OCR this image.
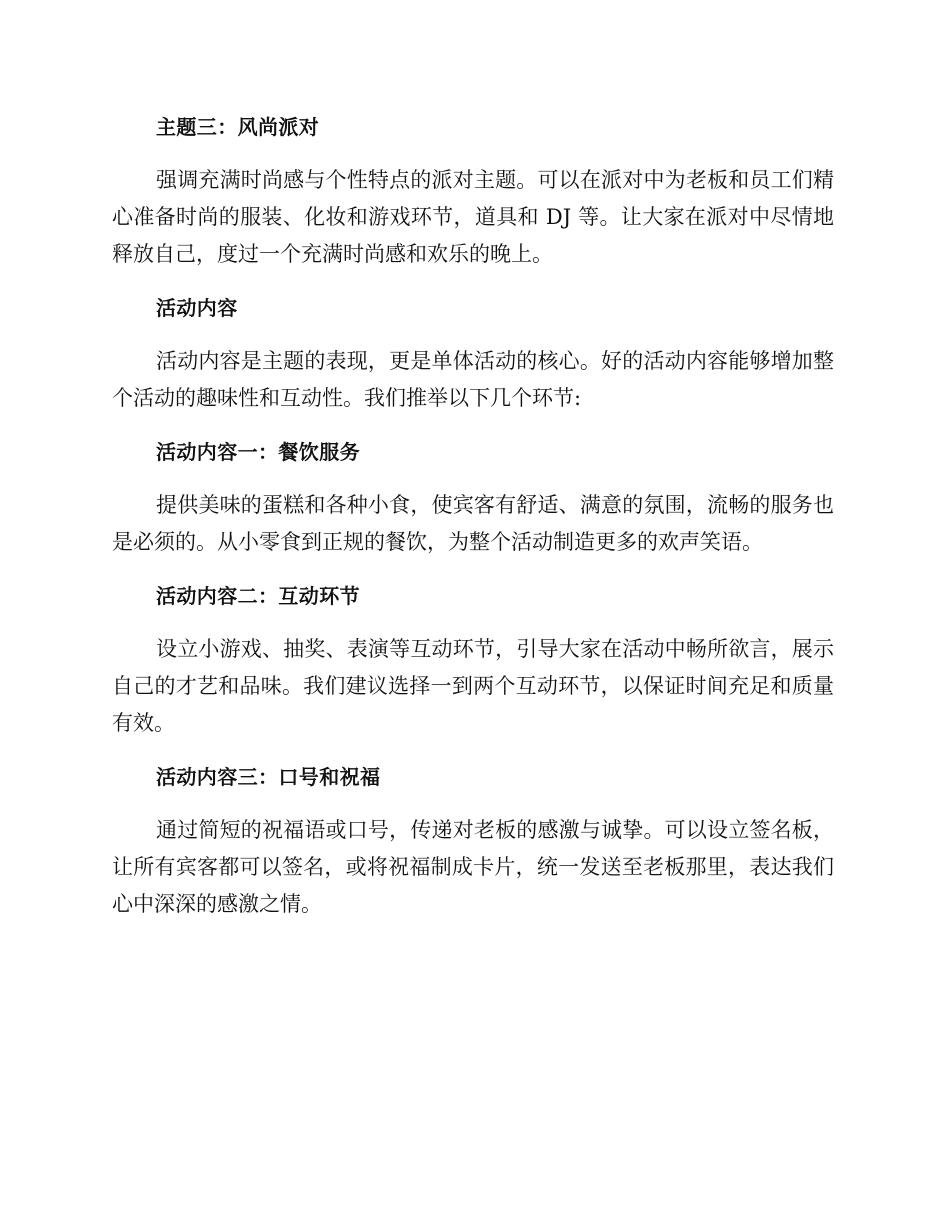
主题三：风尚派对

强调充满时尚感与个性特点的派对主题。可以在派对中为老板和员工们精心准备时尚的服装、化妆和游戏环节，道具和 DJ 等。让大家在派对中尽情地释放自己，度过一个充满时尚感和欢乐的晚上。

活动内容

活动内容是主题的表现，更是单体活动的核心。好的活动内容能够增加整个活动的趣味性和互动性。我们推举以下几个环节:

活动内容一：餐饮服务

提供美味的蛋糕和各种小食，使宾客有舒适、满意的氛围，流畅的服务也是必须的。从小零食到正规的餐饮，为整个活动制造更多的欢声笑语。

活动内容二：互动环节

设立小游戏、抽奖、表演等互动环节，引导大家在活动中畅所欲言，展示自己的才艺和品味。我们建议选择一到两个互动环节，以保证时间充足和质量有效。

活动内容三：口号和祝福

通过简短的祝福语或口号，传递对老板的感激与诚挚。可以设立签名板，让所有宾客都可以签名，或将祝福制成卡片，统一发送至老板那里，表达我们心中深深的感激之情。
